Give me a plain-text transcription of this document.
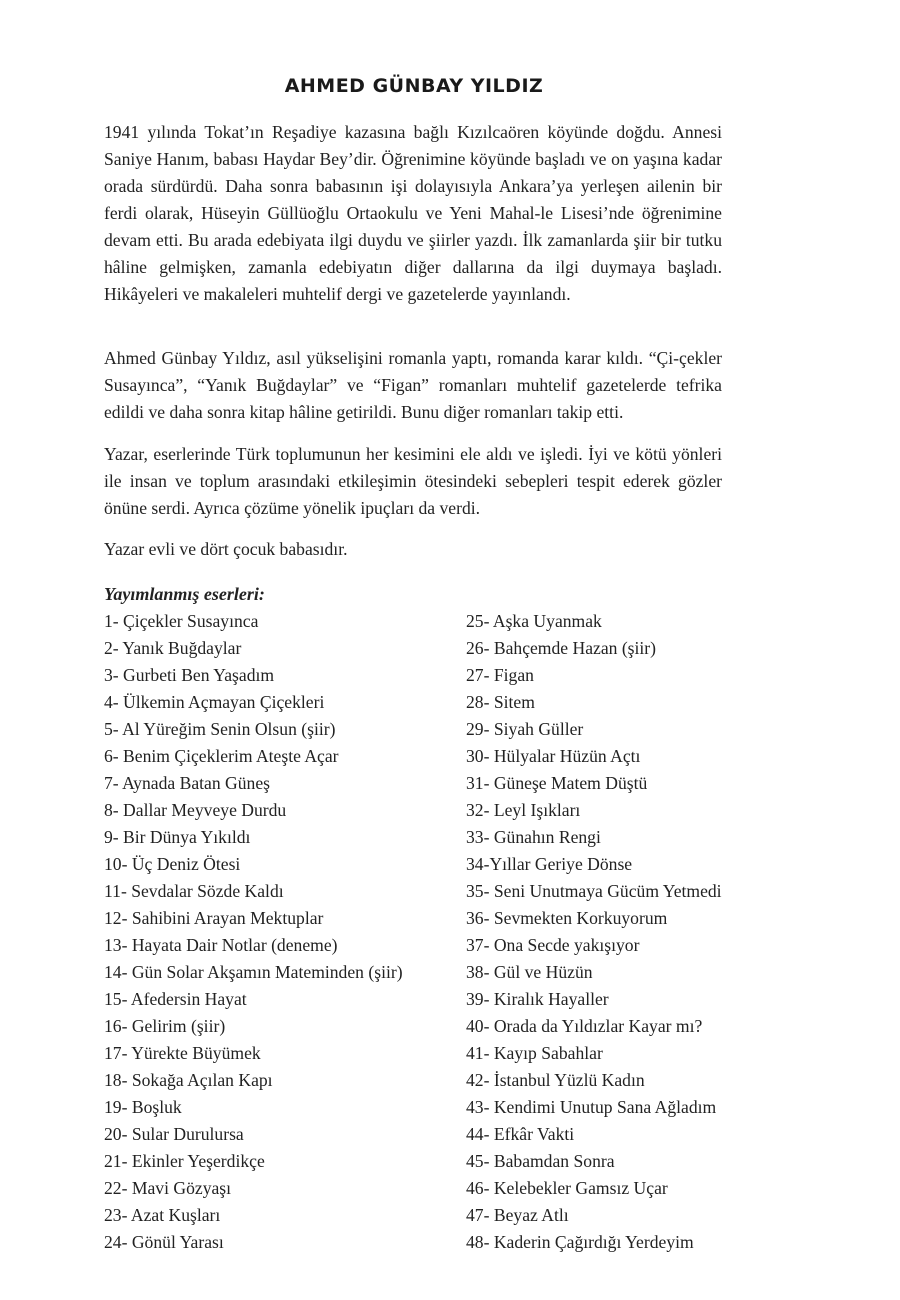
AHMED GÜNBAY YILDIZ

1941 yılında Tokat’ın Reşadiye kazasına bağlı Kızılcaören köyünde doğdu. Annesi Saniye Hanım, babası Haydar Bey’dir. Öğrenimine köyünde başladı ve on yaşına kadar orada sürdürdü. Daha sonra babasının işi dolayısıyla Ankara’ya yerleşen ailenin bir ferdi olarak, Hüseyin Güllüoğlu Ortaokulu ve Yeni Mahal-le Lisesi’nde öğrenimine devam etti. Bu arada edebiyata ilgi duydu ve şiirler yazdı. İlk zamanlarda şiir bir tutku hâline gelmişken, zamanla edebiyatın diğer dallarına da ilgi duymaya başladı. Hikâyeleri ve makaleleri muhtelif dergi ve gazetelerde yayınlandı.

Ahmed Günbay Yıldız, asıl yükselişini romanla yaptı, romanda karar kıldı. “Çi-çekler Susayınca”, “Yanık Buğdaylar” ve “Figan” romanları muhtelif gazetelerde tefrika edildi ve daha sonra kitap hâline getirildi. Bunu diğer romanları takip etti.

Yazar, eserlerinde Türk toplumunun her kesimini ele aldı ve işledi. İyi ve kötü yönleri ile insan ve toplum arasındaki etkileşimin ötesindeki sebepleri tespit ederek gözler önüne serdi. Ayrıca çözüme yönelik ipuçları da verdi.

Yazar evli ve dört çocuk babasıdır.

Yayımlanmış eserleri:

1- Çiçekler Susayınca
2- Yanık Buğdaylar
3- Gurbeti Ben Yaşadım
4- Ülkemin Açmayan Çiçekleri
5- Al Yüreğim Senin Olsun (şiir)
6- Benim Çiçeklerim Ateşte Açar
7- Aynada Batan Güneş
8- Dallar Meyveye Durdu
9- Bir Dünya Yıkıldı
10- Üç Deniz Ötesi
11- Sevdalar Sözde Kaldı
12- Sahibini Arayan Mektuplar
13- Hayata Dair Notlar (deneme)
14- Gün Solar Akşamın Mateminden (şiir)
15- Afedersin Hayat
16- Gelirim (şiir)
17- Yürekte Büyümek
18- Sokağa Açılan Kapı
19- Boşluk
20- Sular Durulursa
21- Ekinler Yeşerdikçe
22- Mavi Gözyaşı
23- Azat Kuşları
24- Gönül Yarası
25- Aşka Uyanmak
26- Bahçemde Hazan (şiir)
27- Figan
28- Sitem
29- Siyah Güller
30- Hülyalar Hüzün Açtı
31- Güneşe Matem Düştü
32- Leyl Işıkları
33- Günahın Rengi
34-Yıllar Geriye Dönse
35- Seni Unutmaya Gücüm Yetmedi
36- Sevmekten Korkuyorum
37- Ona Secde yakışıyor
38- Gül ve Hüzün
39- Kiralık Hayaller
40- Orada da Yıldızlar Kayar mı?
41- Kayıp Sabahlar
42- İstanbul Yüzlü Kadın
43- Kendimi Unutup Sana Ağladım
44- Efkâr Vakti
45- Babamdan Sonra
46- Kelebekler Gamsız Uçar
47- Beyaz Atlı
48- Kaderin Çağırdığı Yerdeyim
